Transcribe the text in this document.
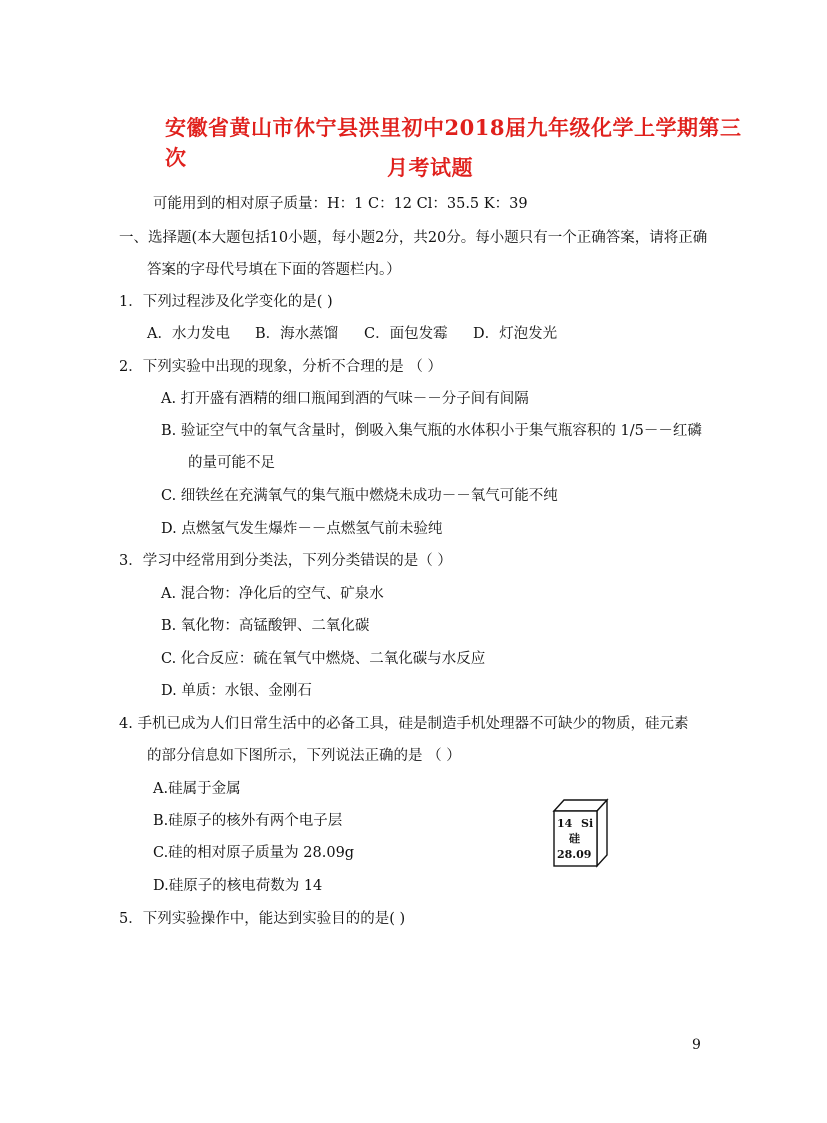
安徽省黄山市休宁县洪里初中2018届九年级化学上学期第三次	月考试题
可能用到的相对原子质量：H：1 C：12 Cl：35.5 K：39
一、选择题(本大题包括10小题，每小题2分，共20分。每小题只有一个正确答案，请将正确
答案的字母代号填在下面的答题栏内。）
1．下列过程涉及化学变化的是( )
A．水力发电 B．海水蒸馏 C．面包发霉 D．灯泡发光
2．下列实验中出现的现象，分析不合理的是 （ ）
A. 打开盛有酒精的细口瓶闻到酒的气味－－分子间有间隔
B. 验证空气中的氧气含量时，倒吸入集气瓶的水体积小于集气瓶容积的 1/5－－红磷
的量可能不足
C. 细铁丝在充满氧气的集气瓶中燃烧未成功－－氧气可能不纯
D. 点燃氢气发生爆炸－－点燃氢气前未验纯
3．学习中经常用到分类法，下列分类错误的是（ ）
A. 混合物：净化后的空气、矿泉水
B. 氧化物：高锰酸钾、二氧化碳
C. 化合反应：硫在氧气中燃烧、二氧化碳与水反应
D. 单质：水银、金刚石
4. 手机已成为人们日常生活中的必备工具，硅是制造手机处理器不可缺少的物质，硅元素
的部分信息如下图所示，下列说法正确的是 （ ）
A.硅属于金属
B.硅原子的核外有两个电子层
C.硅的相对原子质量为 28.09g
D.硅原子的核电荷数为 14
14 Si
硅
28.09
5．下列实验操作中，能达到实验目的的是( )
9
